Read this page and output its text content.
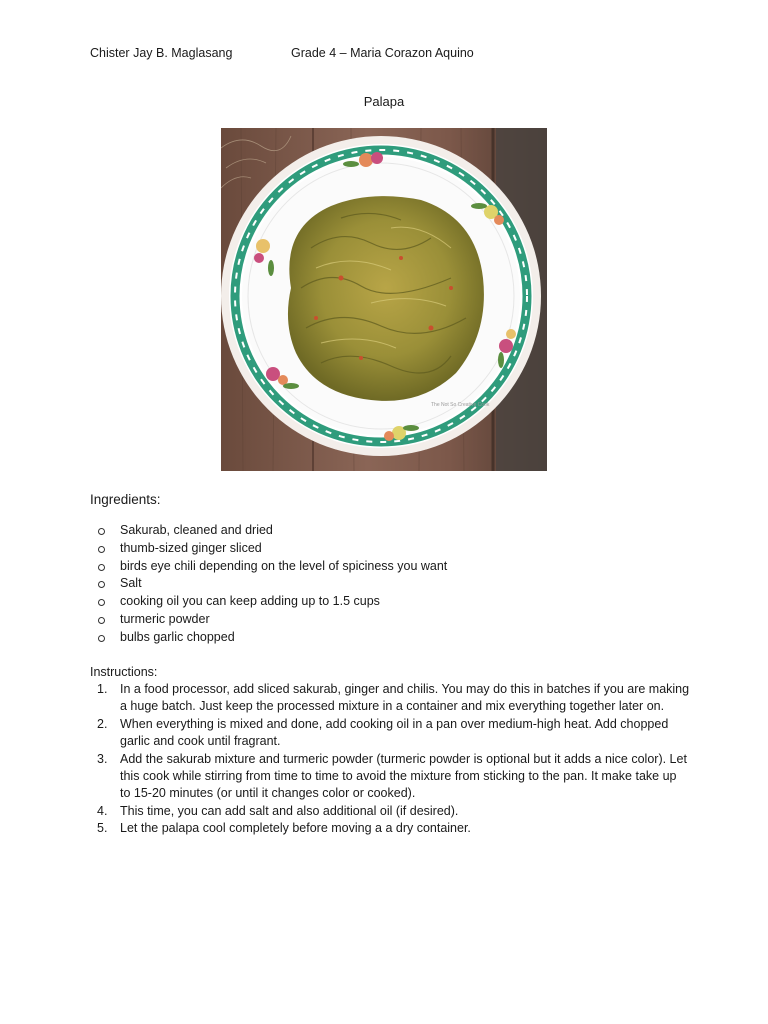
Chister Jay B. Maglasang	Grade 4 – Maria Corazon Aquino
Palapa
The Not So Creative Cook
Ingredients:
Sakurab, cleaned and dried
thumb-sized ginger sliced
birds eye chili depending on the level of spiciness you want
Salt
cooking oil you can keep adding up to 1.5 cups
turmeric powder
bulbs garlic chopped
Instructions:
1. In a food processor, add sliced sakurab, ginger and chilis. You may do this in batches if you are making a huge batch. Just keep the processed mixture in a container and mix everything together later on.
2. When everything is mixed and done, add cooking oil in a pan over medium-high heat. Add chopped garlic and cook until fragrant.
3. Add the sakurab mixture and turmeric powder (turmeric powder is optional but it adds a nice color). Let this cook while stirring from time to time to avoid the mixture from sticking to the pan. It make take up to 15-20 minutes (or until it changes color or cooked).
4. This time, you can add salt and also additional oil (if desired).
5. Let the palapa cool completely before moving a a dry container.
